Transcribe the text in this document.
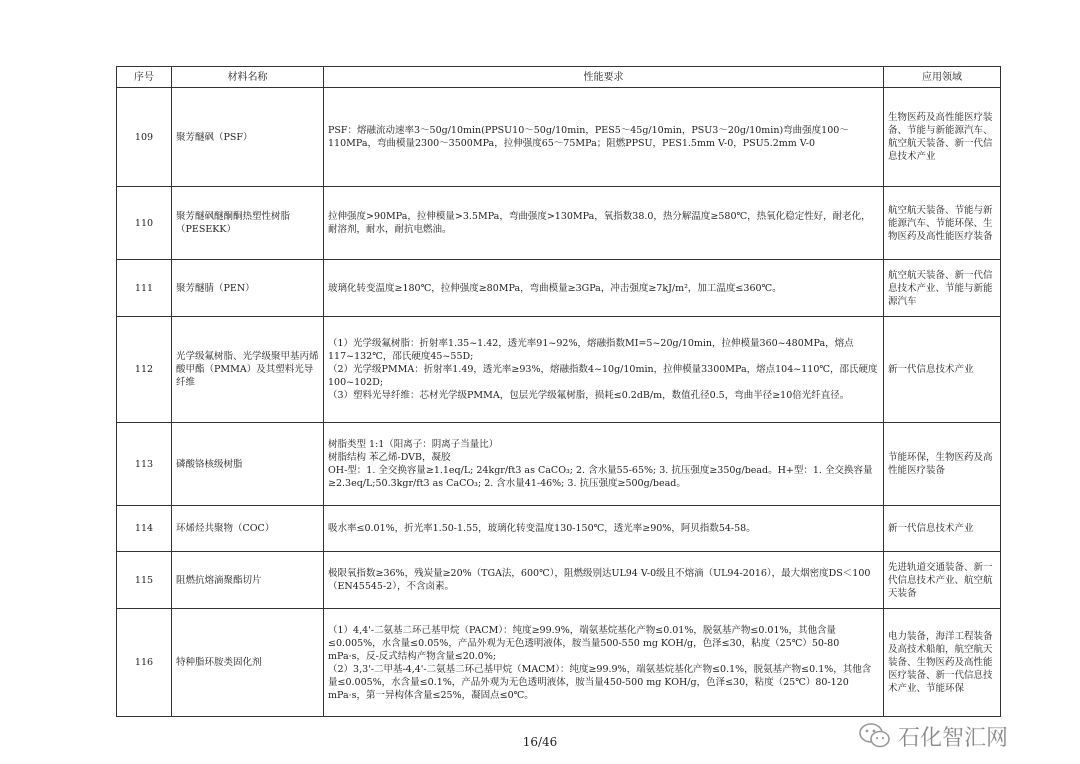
序号	材料名称	性能要求	应用领域
109	聚芳醚砜（PSF）	PSF：熔融流动速率3～50g/10min(PPSU10～50g/10min，PES5～45g/10min，PSU3～20g/10min)弯曲强度100～110MPa，弯曲模量2300～3500MPa，拉伸强度65～75MPa；阻燃PPSU，PES1.5mm V-0，PSU5.2mm V-0	生物医药及高性能医疗装备、节能与新能源汽车、航空航天装备、新一代信息技术产业
110	聚芳醚砜醚酮酮热塑性树脂（PESEKK）	拉伸强度>90MPa，拉伸模量>3.5MPa，弯曲强度>130MPa，氧指数38.0，热分解温度≥580℃，热氧化稳定性好，耐老化，耐溶剂，耐水，耐抗电燃油。	航空航天装备、节能与新能源汽车、节能环保、生物医药及高性能医疗装备
111	聚芳醚腈（PEN）	玻璃化转变温度≥180℃，拉伸强度≥80MPa，弯曲模量≥3GPa，冲击强度≥7kJ/m²，加工温度≤360℃。	航空航天装备、新一代信息技术产业、节能与新能源汽车
112	光学级氟树脂、光学级聚甲基丙烯酸甲酯（PMMA）及其塑料光导纤维	（1）光学级氟树脂：折射率1.35~1.42，透光率91~92%，熔融指数MI=5~20g/10min，拉伸模量360~480MPa，熔点117~132℃，邵氏硬度45~55D;
（2）光学级PMMA：折射率1.49，透光率≥93%，熔融指数4~10g/10min，拉伸模量3300MPa，熔点104~110℃，邵氏硬度100~102D;
（3）塑料光导纤维：芯材光学级PMMA，包层光学级氟树脂，损耗≤0.2dB/m，数值孔径0.5，弯曲半径≥10倍光纤直径。	新一代信息技术产业
113	磷酸铬核级树脂	树脂类型 1:1（阳离子：阴离子当量比）
树脂结构 苯乙烯-DVB，凝胶
OH-型：1. 全交换容量≥1.1eq/L; 24kgr/ft3 as CaCO₃; 2. 含水量55-65%; 3. 抗压强度≥350g/bead。H+型：1. 全交换容量≥2.3eq/L;50.3kgr/ft3 as CaCO₃; 2. 含水量41-46%; 3. 抗压强度≥500g/bead。	节能环保，生物医药及高性能医疗装备
114	环烯烃共聚物（COC）	吸水率≤0.01%，折光率1.50-1.55，玻璃化转变温度130-150℃，透光率≥90%，阿贝指数54-58。	新一代信息技术产业
115	阻燃抗熔滴聚酯切片	极限氧指数≥36%，残炭量≥20%（TGA法，600℃），阻燃级别达UL94 V-0级且不熔滴（UL94-2016），最大烟密度DS＜100（EN45545-2），不含卤素。	先进轨道交通装备、新一代信息技术产业、航空航天装备
116	特种脂环胺类固化剂	（1）4,4'-二氨基二环己基甲烷（PACM）：纯度≥99.9%，端氨基烷基化产物≤0.01%，脱氨基产物≤0.01%，其他含量≤0.005%，水含量≤0.05%，产品外观为无色透明液体，胺当量500-550 mg KOH/g，色泽≤30，粘度（25℃）50-80 mPa·s，反-反式结构产物含量≤20.0%;
（2）3,3'-二甲基-4,4'-二氨基二环己基甲烷（MACM）：纯度≥99.9%，端氨基烷基化产物≤0.1%，脱氨基产物≤0.1%，其他含量≤0.005%，水含量≤0.1%，产品外观为无色透明液体，胺当量450-500 mg KOH/g，色泽≤30，粘度（25℃）80-120 mPa·s，第一异构体含量≤25%，凝固点≤0℃。	电力装备，海洋工程装备及高技术船舶，航空航天装备、生物医药及高性能医疗装备、新一代信息技术产业、节能环保
16/46	石化智汇网
